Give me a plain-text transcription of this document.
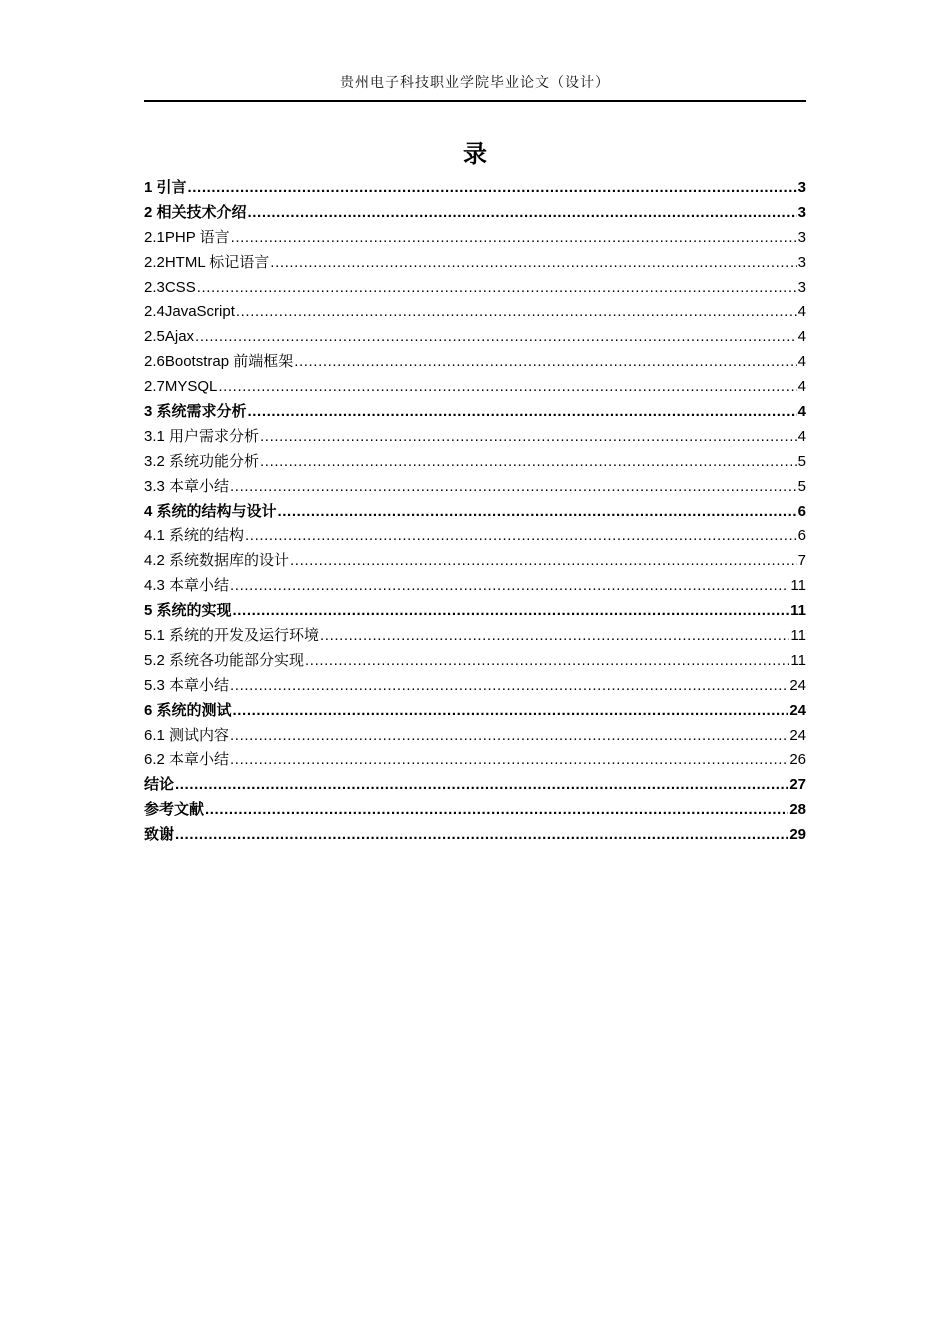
贵州电子科技职业学院毕业论文（设计）
录
1 引言 .....	3
2 相关技术介绍 .....	3
2.1PHP 语言 .....	3
2.2HTML 标记语言 .....	3
2.3CSS .....	3
2.4JavaScript .....	4
2.5Ajax .....	4
2.6Bootstrap 前端框架 .....	4
2.7MYSQL .....	4
3 系统需求分析 .....	4
3.1 用户需求分析 .....	4
3.2 系统功能分析 .....	5
3.3 本章小结 .....	5
4 系统的结构与设计 .....	6
4.1 系统的结构 .....	6
4.2 系统数据库的设计 .....	7
4.3 本章小结 .....	11
5 系统的实现 .....	11
5.1 系统的开发及运行环境 .....	11
5.2 系统各功能部分实现 .....	11
5.3 本章小结 .....	24
6 系统的测试 .....	24
6.1 测试内容 .....	24
6.2 本章小结 .....	26
结论 .....	27
参考文献 .....	28
致谢 .....	29
